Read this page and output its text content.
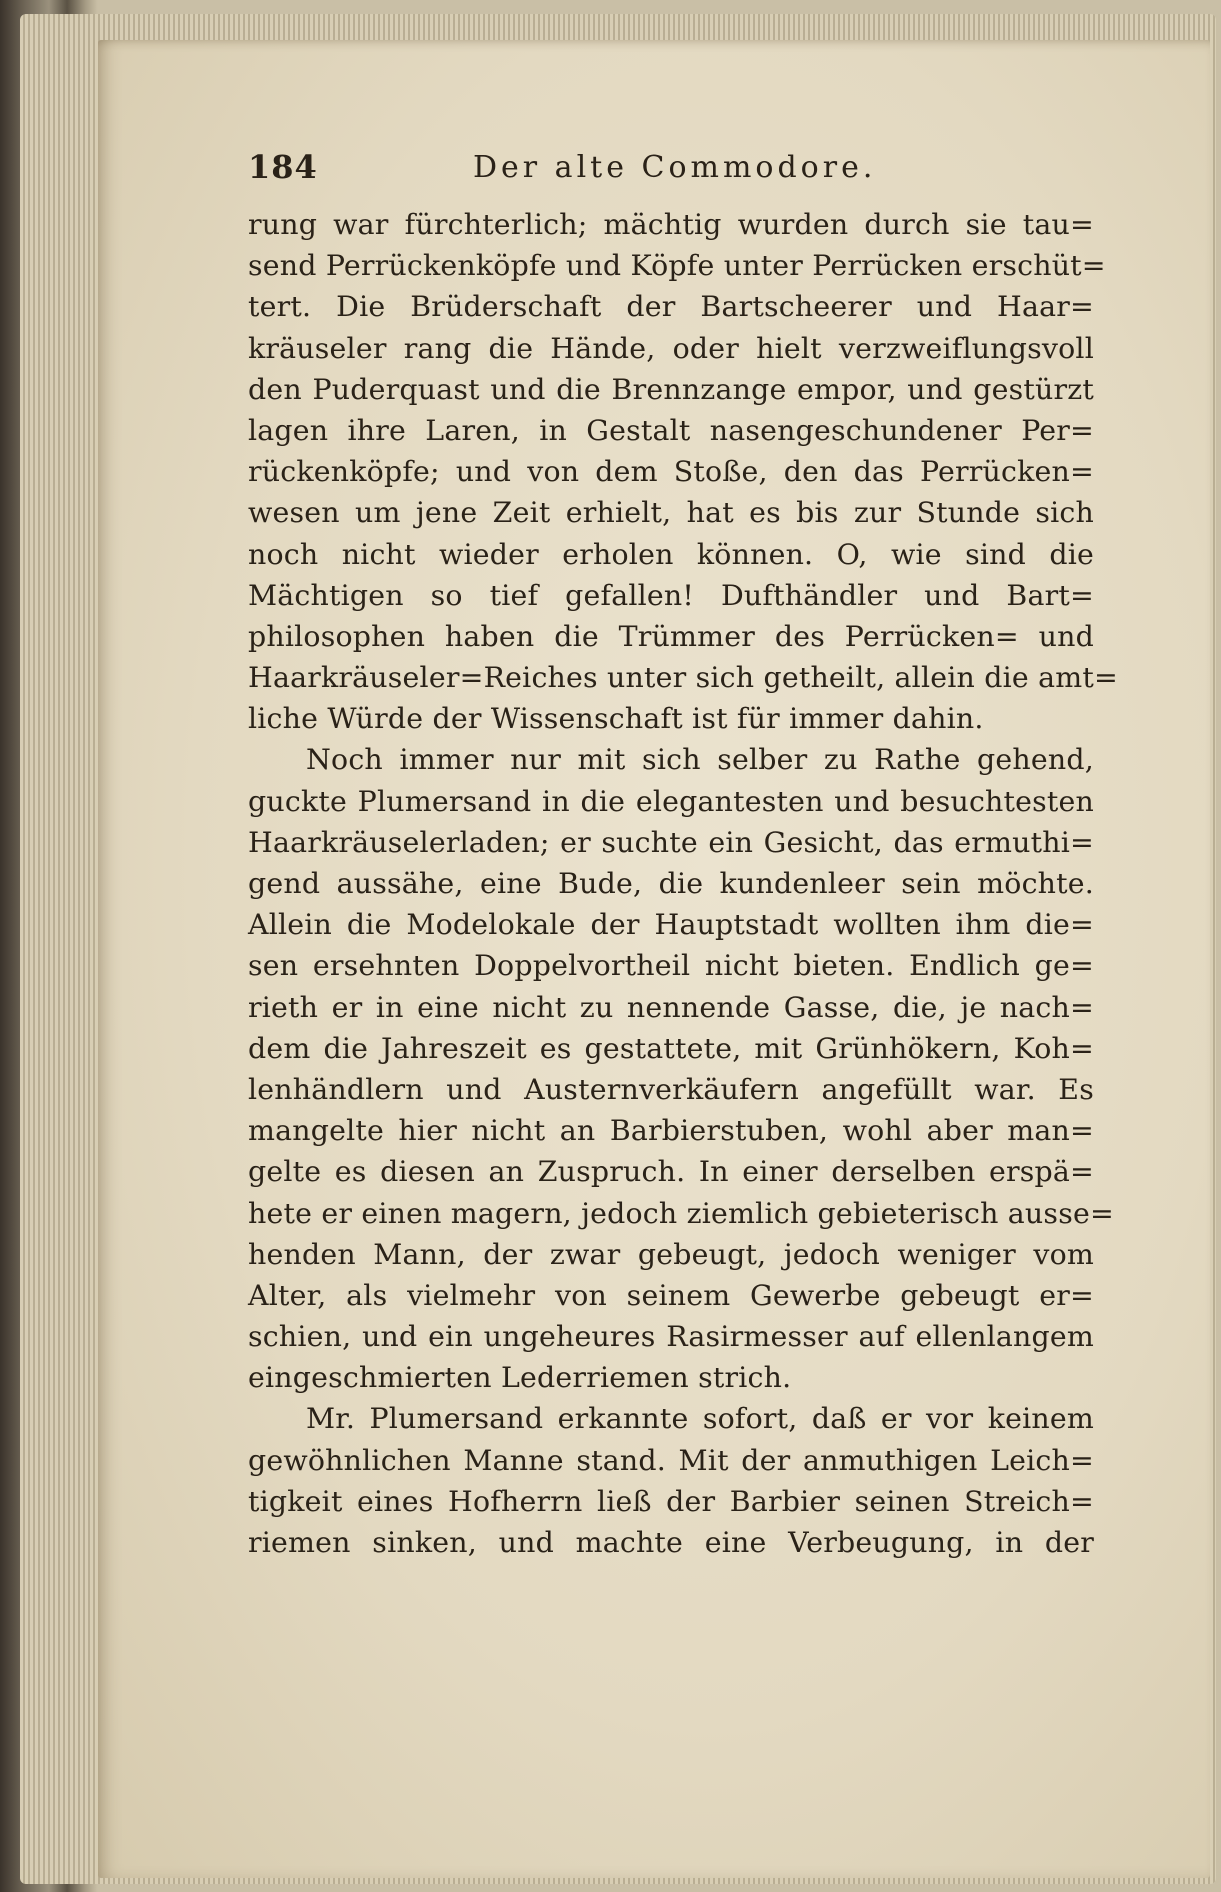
184	Der alte Commodore.
rung war fürchterlich; mächtig wurden durch sie tau=
send Perrückenköpfe und Köpfe unter Perrücken erschüt=
tert. Die Brüderschaft der Bartscheerer und Haar=
kräuseler rang die Hände, oder hielt verzweiflungsvoll
den Puderquast und die Brennzange empor, und gestürzt
lagen ihre Laren, in Gestalt nasengeschundener Per=
rückenköpfe; und von dem Stoße, den das Perrücken=
wesen um jene Zeit erhielt, hat es bis zur Stunde sich
noch nicht wieder erholen können. O, wie sind die
Mächtigen so tief gefallen! Dufthändler und Bart=
philosophen haben die Trümmer des Perrücken= und
Haarkräuseler=Reiches unter sich getheilt, allein die amt=
liche Würde der Wissenschaft ist für immer dahin.
Noch immer nur mit sich selber zu Rathe gehend,
guckte Plumersand in die elegantesten und besuchtesten
Haarkräuselerladen; er suchte ein Gesicht, das ermuthi=
gend aussähe, eine Bude, die kundenleer sein möchte.
Allein die Modelokale der Hauptstadt wollten ihm die=
sen ersehnten Doppelvortheil nicht bieten. Endlich ge=
rieth er in eine nicht zu nennende Gasse, die, je nach=
dem die Jahreszeit es gestattete, mit Grünhökern, Koh=
lenhändlern und Austernverkäufern angefüllt war. Es
mangelte hier nicht an Barbierstuben, wohl aber man=
gelte es diesen an Zuspruch. In einer derselben erspä=
hete er einen magern, jedoch ziemlich gebieterisch ausse=
henden Mann, der zwar gebeugt, jedoch weniger vom
Alter, als vielmehr von seinem Gewerbe gebeugt er=
schien, und ein ungeheures Rasirmesser auf ellenlangem
eingeschmierten Lederriemen strich.
Mr. Plumersand erkannte sofort, daß er vor keinem
gewöhnlichen Manne stand. Mit der anmuthigen Leich=
tigkeit eines Hofherrn ließ der Barbier seinen Streich=
riemen sinken, und machte eine Verbeugung, in der
